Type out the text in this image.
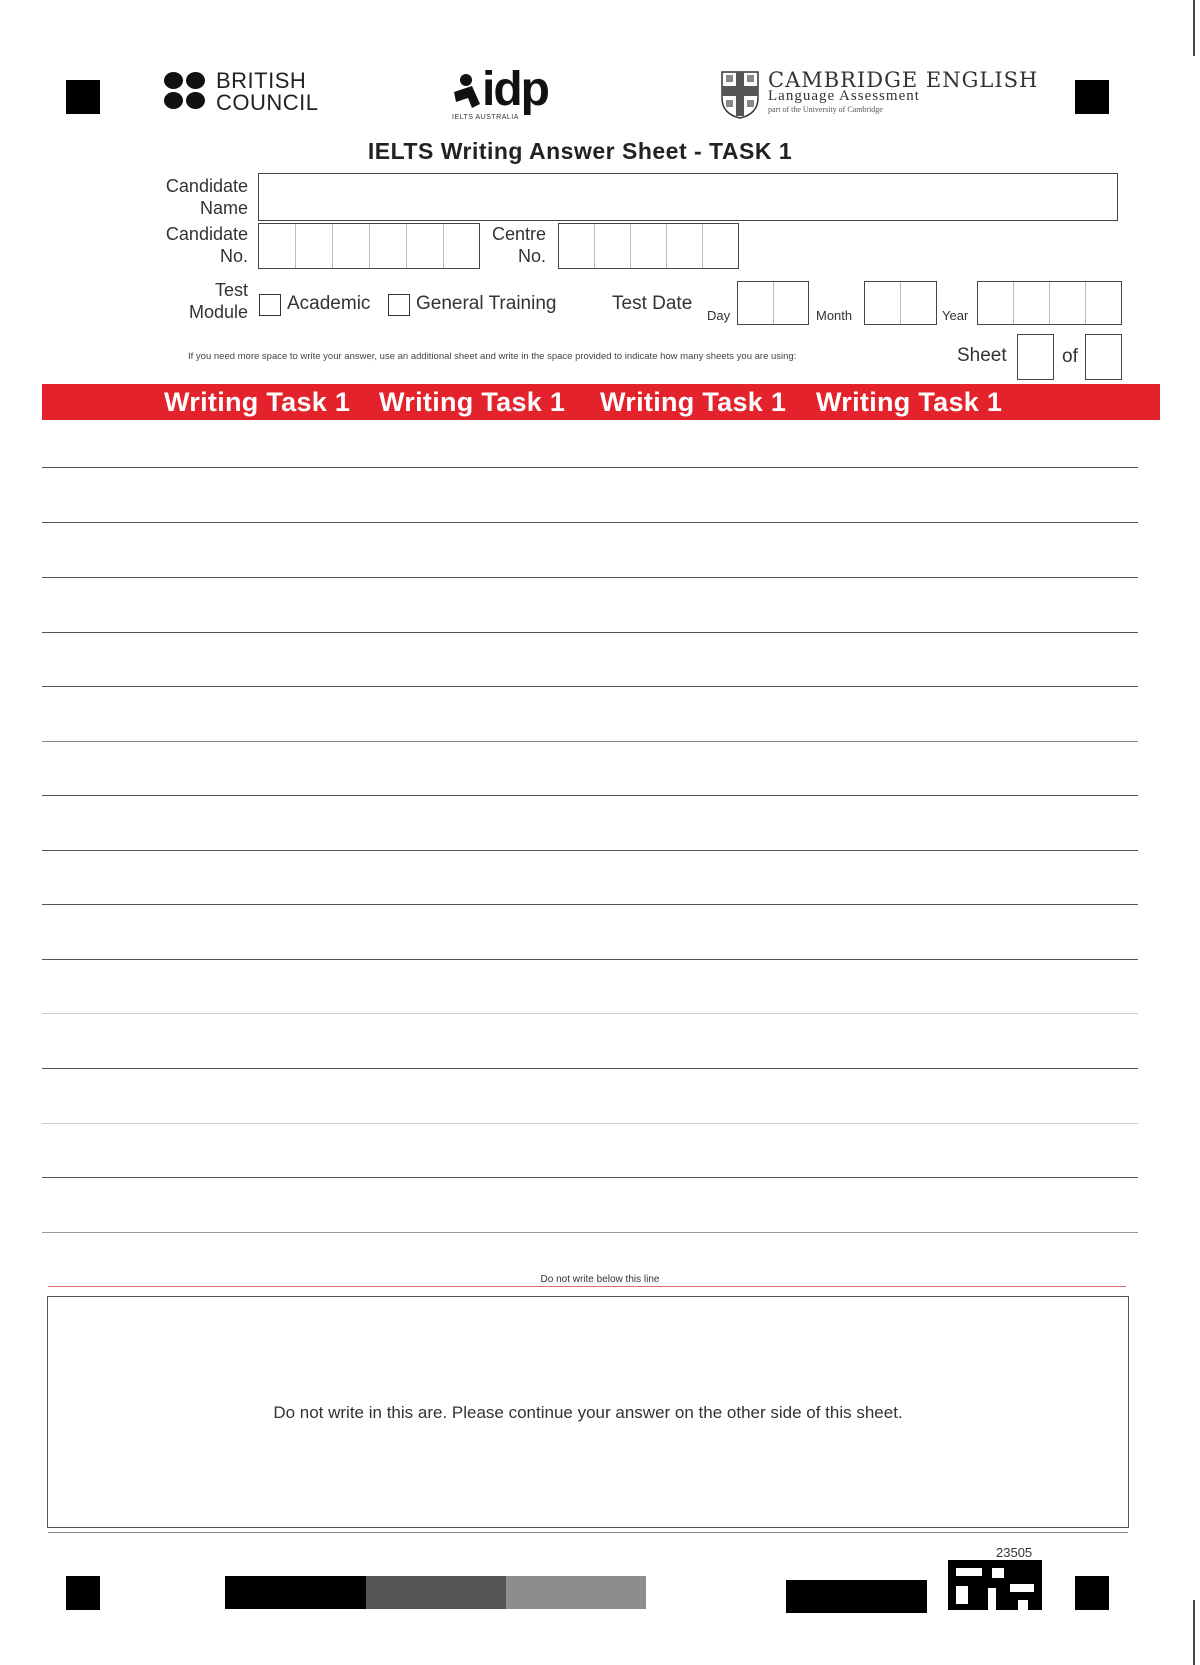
BRITISH
COUNCIL	idp
IELTS AUSTRALIA
CAMBRIDGE ENGLISH
Language Assessment
part of the University of Cambridge
IELTS Writing Answer Sheet - TASK 1
Candidate
Name
Candidate
No.
Centre
No.
Test
Module Academic General Training	Test Date
Day	Month	Year
If you need more space to write your answer, use an additional sheet and write in the space provided to indicate how many sheets you are using:	Sheet	of
Writing Task 1 Writing Task 1 Writing Task 1 Writing Task 1
Do not write below this line
Do not write in this are. Please continue your answer on the other side of this sheet.
23505
